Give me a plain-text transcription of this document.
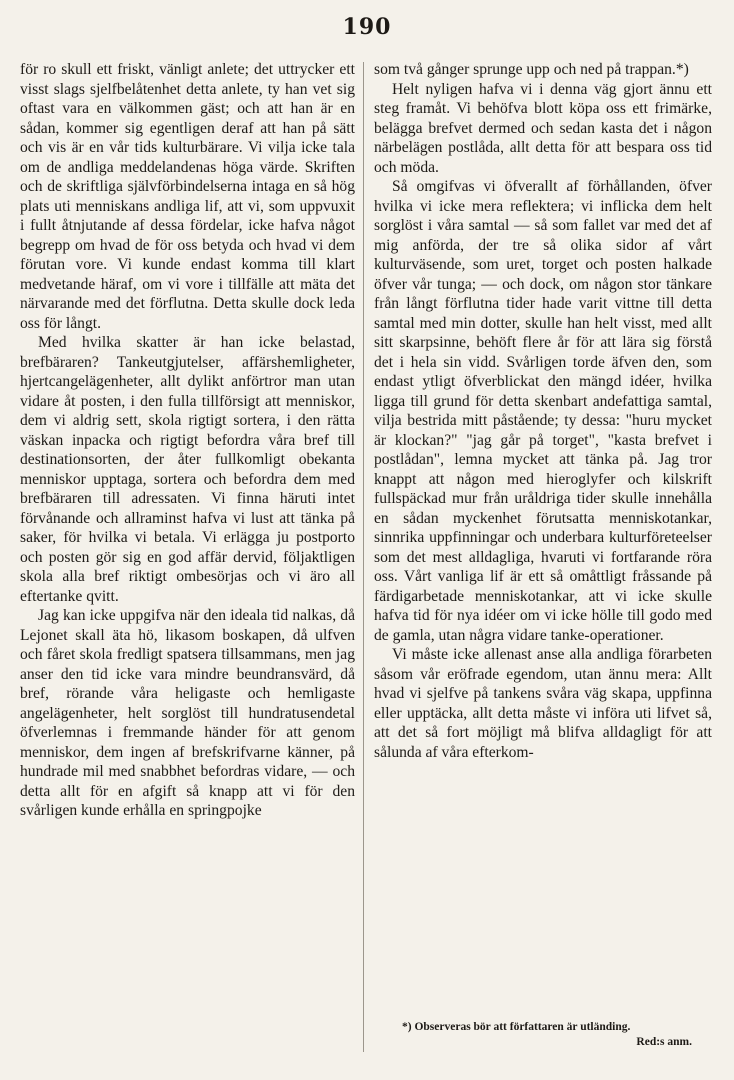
190

för ro skull ett friskt, vänligt anlete; det uttrycker ett visst slags sjelfbelåtenhet detta anlete, ty han vet sig oftast vara en välkommen gäst; och att han är en sådan, kommer sig egentligen deraf att han på sätt och vis är en vår tids kulturbärare. Vi vilja icke tala om de andliga meddelandenas höga värde. Skriften och de skriftliga självförbindelserna intaga en så hög plats uti menniskans andliga lif, att vi, som uppvuxit i fullt åtnjutande af dessa fördelar, icke hafva något begrepp om hvad de för oss betyda och hvad vi dem förutan vore. Vi kunde endast komma till klart medvetande häraf, om vi vore i tillfälle att mäta det närvarande med det förflutna. Detta skulle dock leda oss för långt.

Med hvilka skatter är han icke belastad, brefbäraren? Tankeutgjutelser, affärshemligheter, hjertcangelägenheter, allt dylikt anförtror man utan vidare åt posten, i den fulla tillförsigt att menniskor, dem vi aldrig sett, skola rigtigt sortera, i den rätta väskan inpacka och rigtigt befordra våra bref till destinationsorten, der åter fullkomligt obekanta menniskor upptaga, sortera och befordra dem med brefbäraren till adressaten. Vi finna häruti intet förvånande och allraminst hafva vi lust att tänka på saker, för hvilka vi betala. Vi erlägga ju postporto och posten gör sig en god affär dervid, följaktligen skola alla bref riktigt ombesörjas och vi äro all eftertanke qvitt.

Jag kan icke uppgifva när den ideala tid nalkas, då Lejonet skall äta hö, likasom boskapen, då ulfven och fåret skola fredligt spatsera tillsammans, men jag anser den tid icke vara mindre beundransvärd, då bref, rörande våra heligaste och hemligaste angelägenheter, helt sorglöst till hundratusendetal öfverlemnas i fremmande händer för att genom menniskor, dem ingen af brefskrifvarne känner, på hundrade mil med snabbhet befordras vidare, — och detta allt för en afgift så knapp att vi för den svårligen kunde erhålla en springpojke

som två gånger sprunge upp och ned på trappan.*)

Helt nyligen hafva vi i denna väg gjort ännu ett steg framåt. Vi behöfva blott köpa oss ett frimärke, belägga brefvet dermed och sedan kasta det i någon närbelägen postlåda, allt detta för att bespara oss tid och möda.

Så omgifvas vi öfverallt af förhållanden, öfver hvilka vi icke mera reflektera; vi inflicka dem helt sorglöst i våra samtal — så som fallet var med det af mig anförda, der tre så olika sidor af vårt kulturväsende, som uret, torget och posten halkade öfver vår tunga; — och dock, om någon stor tänkare från långt förflutna tider hade varit vittne till detta samtal med min dotter, skulle han helt visst, med allt sitt skarpsinne, behöft flere år för att lära sig förstå det i hela sin vidd. Svårligen torde äfven den, som endast ytligt öfverblickat den mängd idéer, hvilka ligga till grund för detta skenbart andefattiga samtal, vilja bestrida mitt påstående; ty dessa: "huru mycket är klockan?" "jag går på torget", "kasta brefvet i postlådan", lemna mycket att tänka på. Jag tror knappt att någon med hieroglyfer och kilskrift fullspäckad mur från uråldriga tider skulle innehålla en sådan myckenhet förutsatta menniskotankar, sinnrika uppfinningar och underbara kulturföreteelser som det mest alldagliga, hvaruti vi fortfarande röra oss. Vårt vanliga lif är ett så omåttligt fråssande på färdigarbetade menniskotankar, att vi icke skulle hafva tid för nya idéer om vi icke hölle till godo med de gamla, utan några vidare tanke-operationer.

Vi måste icke allenast anse alla andliga förarbeten såsom vår eröfrade egendom, utan ännu mera: Allt hvad vi sjelfve på tankens svåra väg skapa, uppfinna eller upptäcka, allt detta måste vi införa uti lifvet så, att det så fort möjligt må blifva alldagligt för att sålunda af våra efterkom-

*) Observeras bör att författaren är utländing.
Red:s anm.
